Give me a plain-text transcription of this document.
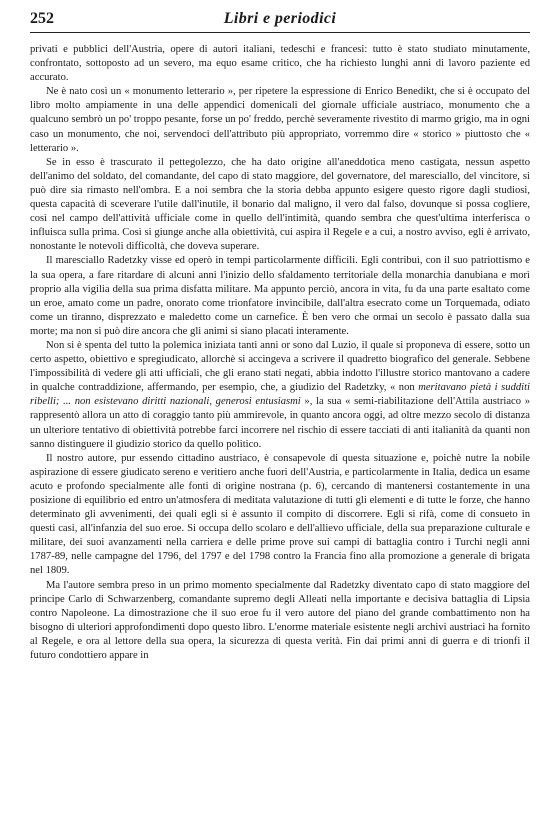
252	Libri e periodici

privati e pubblici dell'Austria, opere di autori italiani, tedeschi e francesi: tutto è stato studiato minutamente, confrontato, sottoposto ad un severo, ma equo esame critico, che ha richiesto lunghi anni di lavoro paziente ed accurato.

Ne è nato così un « monumento letterario », per ripetere la espressione di Enrico Benedikt, che si è occupato del libro molto ampiamente in una delle appendici domenicali del giornale ufficiale austriaco, monumento che a qualcuno sembrò un po' troppo pesante, forse un po' freddo, perchè severamente rivestito di marmo grigio, ma in ogni caso un monumento, che noi, servendoci dell'attributo più appropriato, vorremmo dire « storico » piuttosto che « letterario ».

Se in esso è trascurato il pettegolezzo, che ha dato origine all'aneddotica meno castigata, nessun aspetto dell'animo del soldato, del comandante, del capo di stato maggiore, del governatore, del maresciallo, del vincitore, si può dire sia rimasto nell'ombra. E a noi sembra che la storia debba appunto esigere questo rigore dagli studiosi, questa capacità di sceverare l'utile dall'inutile, il bonario dal maligno, il vero dal falso, dovunque si possa cogliere, così nel campo dell'attività ufficiale come in quello dell'intimità, quando sembra che quest'ultima interferisca o influisca sulla prima. Così si giunge anche alla obiettività, cui aspira il Regele e a cui, a nostro avviso, egli è arrivato, nonostante le notevoli difficoltà, che doveva superare.

Il maresciallo Radetzky visse ed operò in tempi particolarmente difficili. Egli contribuì, con il suo patriottismo e la sua opera, a fare ritardare di alcuni anni l'inizio dello sfaldamento territoriale della monarchia danubiana e morì proprio alla vigilia della sua prima disfatta militare. Ma appunto perciò, ancora in vita, fu da una parte esaltato come un eroe, amato come un padre, onorato come trionfatore invincibile, dall'altra esecrato come un Torquemada, odiato come un tiranno, disprezzato e maledetto come un carnefice. È ben vero che ormai un secolo è passato dalla sua morte; ma non si può dire ancora che gli animi si siano placati interamente.

Non si è spenta del tutto la polemica iniziata tanti anni or sono dal Luzio, il quale si proponeva di essere, sotto un certo aspetto, obiettivo e spregiudicato, allorchè si accingeva a scrivere il quadretto biografico del generale. Sebbene l'impossibilità di vedere gli atti ufficiali, che gli erano stati negati, abbia indotto l'illustre storico mantovano a cadere in qualche contraddizione, affermando, per esempio, che, a giudizio del Radetzky, « non meritavano pietà i sudditi ribelli; ... non esistevano diritti nazionali, generosi entusiasmi », la sua « semi-riabilitazione dell'Attila austriaco » rappresentò allora un atto di coraggio tanto più ammirevole, in quanto ancora oggi, ad oltre mezzo secolo di distanza un ulteriore tentativo di obiettività potrebbe farci incorrere nel rischio di essere tacciati di anti italianità da quanti non sanno distinguere il giudizio storico da quello politico.

Il nostro autore, pur essendo cittadino austriaco, è consapevole di questa situazione e, poichè nutre la nobile aspirazione di essere giudicato sereno e veritiero anche fuori dell'Austria, e particolarmente in Italia, dedica un esame acuto e profondo specialmente alle fonti di origine nostrana (p. 6), cercando di mantenersi costantemente in una posizione di equilibrio ed entro un'atmosfera di meditata valutazione di tutti gli elementi e di tutte le forze, che hanno determinato gli avvenimenti, dei quali egli si è assunto il compito di discorrere. Egli si rifà, come di consueto in questi casi, all'infanzia del suo eroe. Si occupa dello scolaro e dell'allievo ufficiale, della sua preparazione culturale e militare, dei suoi avanzamenti nella carriera e delle prime prove sui campi di battaglia contro i Turchi negli anni 1787-89, nelle campagne del 1796, del 1797 e del 1798 contro la Francia fino alla promozione a generale di brigata nel 1809.

Ma l'autore sembra preso in un primo momento specialmente dal Radetzky diventato capo di stato maggiore del principe Carlo di Schwarzenberg, comandante supremo degli Alleati nella importante e decisiva battaglia di Lipsia contro Napoleone. La dimostrazione che il suo eroe fu il vero autore del piano del grande combattimento non ha bisogno di ulteriori approfondimenti dopo questo libro. L'enorme materiale esistente negli archivi austriaci ha fornito al Regele, e ora al lettore della sua opera, la sicurezza di questa verità. Fin dai primi anni di guerra e di trionfi il futuro condottiero appare in
